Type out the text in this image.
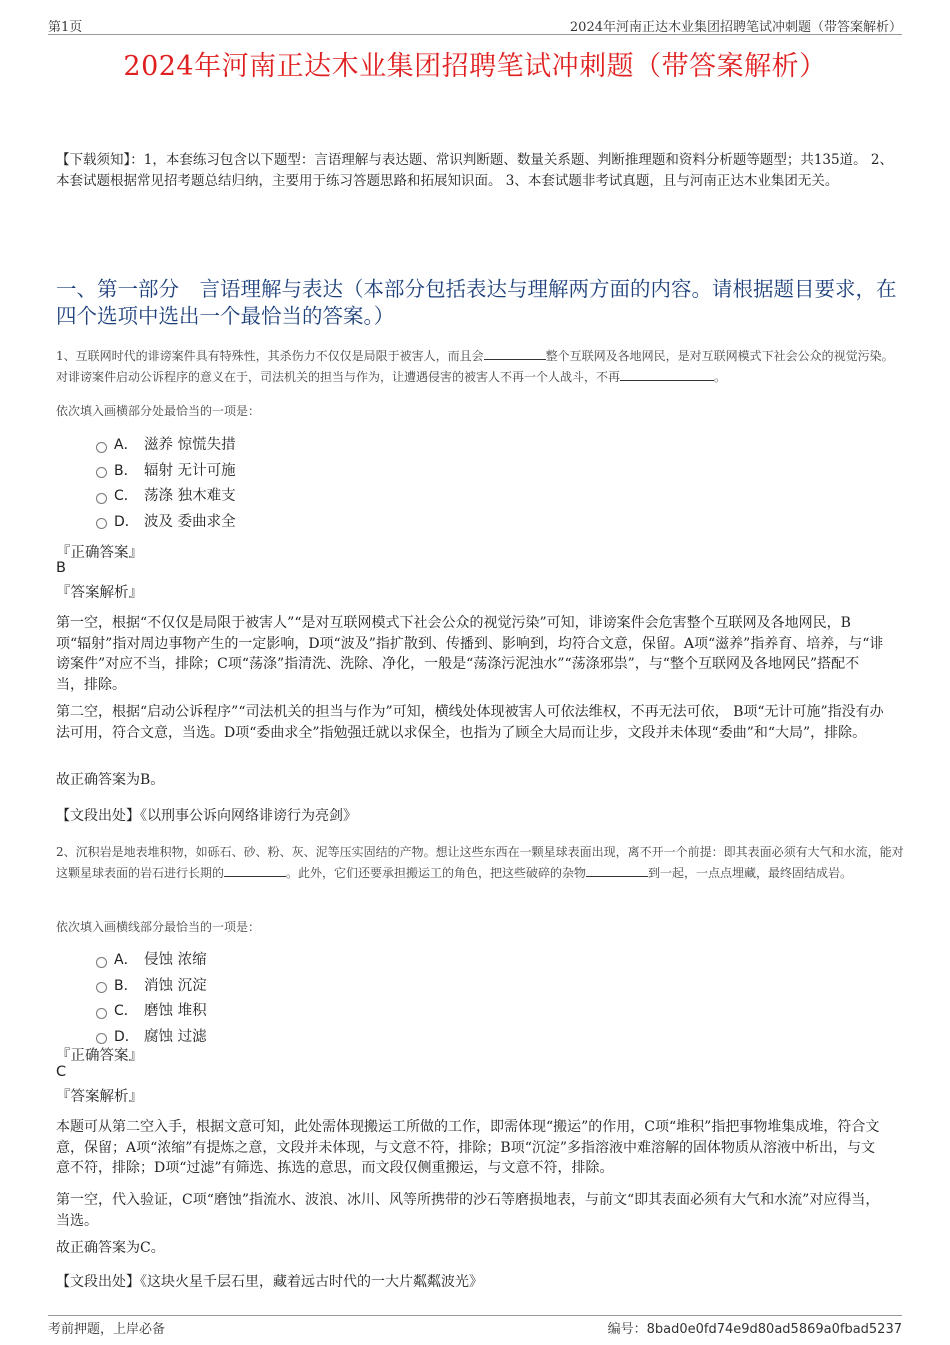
第1页	2024年河南正达木业集团招聘笔试冲刺题（带答案解析）
2024年河南正达木业集团招聘笔试冲刺题（带答案解析）
【下载须知】：1，本套练习包含以下题型：言语理解与表达题、常识判断题、数量关系题、判断推理题和资料分析题等题型；共135道。 2、本套试题根据常见招考题总结归纳，主要用于练习答题思路和拓展知识面。 3、本套试题非考试真题，且与河南正达木业集团无关。
一、第一部分　言语理解与表达（本部分包括表达与理解两方面的内容。请根据题目要求，在四个选项中选出一个最恰当的答案。）
1、互联网时代的诽谤案件具有特殊性，其杀伤力不仅仅是局限于被害人，而且会	整个互联网及各地网民，是对互联网模式下社会公众的视觉污染。对诽谤案件启动公诉程序的意义在于，司法机关的担当与作为，让遭遇侵害的被害人不再一个人战斗，不再	。
依次填入画横部分处最恰当的一项是：
A． 滋养 惊慌失措
B． 辐射 无计可施
C． 荡涤 独木难支
D． 波及 委曲求全
『正确答案』
B
『答案解析』
第一空，根据“不仅仅是局限于被害人”“是对互联网模式下社会公众的视觉污染”可知，诽谤案件会危害整个互联网及各地网民，B项“辐射”指对周边事物产生的一定影响，D项“波及”指扩散到、传播到、影响到，均符合文意，保留。A项“滋养”指养育、培养，与“诽谤案件”对应不当，排除；C项“荡涤”指清洗、洗除、净化，一般是“荡涤污泥浊水”“荡涤邪祟”，与“整个互联网及各地网民”搭配不当，排除。
第二空，根据“启动公诉程序”“司法机关的担当与作为”可知，横线处体现被害人可依法维权，不再无法可依， B项“无计可施”指没有办法可用，符合文意，当选。D项“委曲求全”指勉强迁就以求保全，也指为了顾全大局而让步，文段并未体现“委曲”和“大局”，排除。
故正确答案为B。
【文段出处】《以刑事公诉向网络诽谤行为亮剑》
2、沉积岩是地表堆积物，如砾石、砂、粉、灰、泥等压实固结的产物。想让这些东西在一颗星球表面出现，离不开一个前提：即其表面必须有大气和水流，能对这颗星球表面的岩石进行长期的	。此外，它们还要承担搬运工的角色，把这些破碎的杂物	到一起，一点点埋藏，最终固结成岩。
依次填入画横线部分最恰当的一项是：
A． 侵蚀 浓缩
B． 消蚀 沉淀
C． 磨蚀 堆积
D． 腐蚀 过滤
『正确答案』
C
『答案解析』
本题可从第二空入手，根据文意可知，此处需体现搬运工所做的工作，即需体现“搬运”的作用，C项“堆积”指把事物堆集成堆，符合文意，保留；A项“浓缩”有提炼之意，文段并未体现，与文意不符，排除；B项“沉淀”多指溶液中难溶解的固体物质从溶液中析出，与文意不符，排除；D项“过滤”有筛选、拣选的意思，而文段仅侧重搬运，与文意不符，排除。
第一空，代入验证，C项“磨蚀”指流水、波浪、冰川、风等所携带的沙石等磨损地表，与前文“即其表面必须有大气和水流”对应得当，当选。
故正确答案为C。
【文段出处】《这块火星千层石里，藏着远古时代的一大片粼粼波光》
考前押题，上岸必备	编号：8bad0e0fd74e9d80ad5869a0fbad5237
